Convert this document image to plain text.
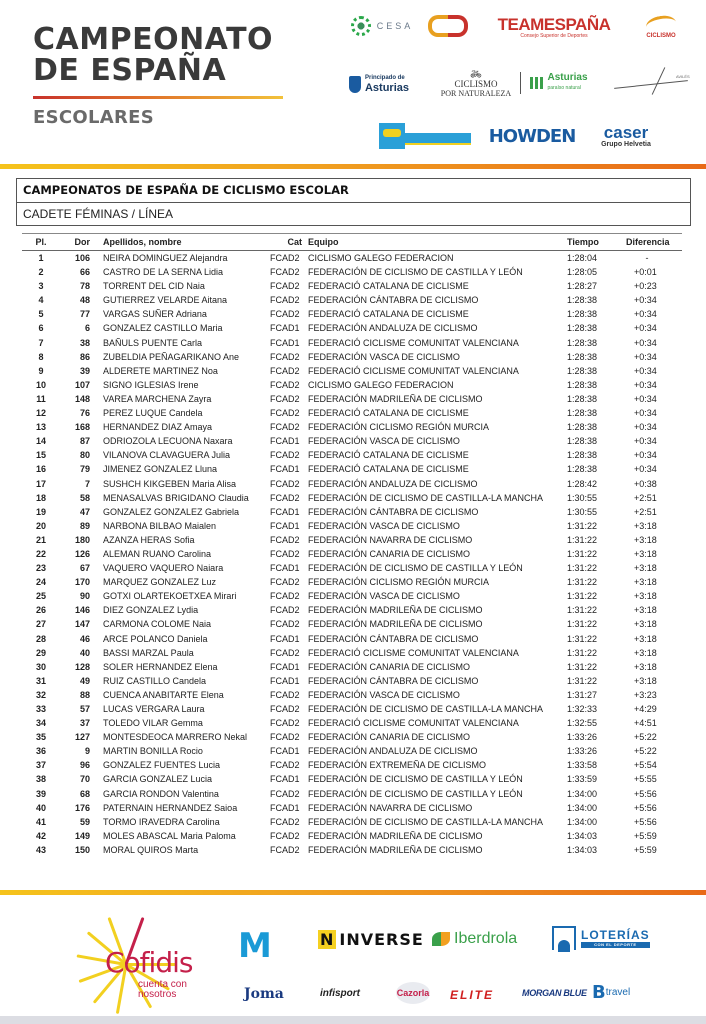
CAMPEONATO
DE ESPAÑA
ESCOLARES
CESA	TEAMESPAÑA
Consejo Superior de Deportes	CICLISMO
Principado de
Asturias
🚲︎
CICLISMO
POR NATURALEZA
Asturias
paraíso natural
AVILÉS
HOWDEN caser
Grupo Helvetia
CAMPEONATOS DE ESPAÑA DE CICLISMO ESCOLAR
CADETE FÉMINAS / LÍNEA
Pl.	Dor Apellidos, nombre	Cat Equipo	Tiempo	Diferencia
1	106 NEIRA DOMINGUEZ Alejandra	FCAD2 CICLISMO GALEGO FEDERACION	1:28:04	-
2	66 CASTRO DE LA SERNA Lidia	FCAD2 FEDERACIÓN DE CICLISMO DE CASTILLA Y LEÓN	1:28:05	+0:01
3	78 TORRENT DEL CID Naia	FCAD2 FEDERACIÓ CATALANA DE CICLISME	1:28:27	+0:23
4	48 GUTIERREZ VELARDE Aitana	FCAD2 FEDERACIÓN CÁNTABRA DE CICLISMO	1:28:38	+0:34
5	77 VARGAS SUÑER Adriana	FCAD2 FEDERACIÓ CATALANA DE CICLISME	1:28:38	+0:34
6	6 GONZALEZ CASTILLO Maria	FCAD1 FEDERACIÓN ANDALUZA DE CICLISMO	1:28:38	+0:34
7	38 BAÑULS PUENTE Carla	FCAD1 FEDERACIÓ CICLISME COMUNITAT VALENCIANA	1:28:38	+0:34
8	86 ZUBELDIA PEÑAGARIKANO Ane	FCAD2 FEDERACIÓN VASCA DE CICLISMO	1:28:38	+0:34
9	39 ALDERETE MARTINEZ Noa	FCAD2 FEDERACIÓ CICLISME COMUNITAT VALENCIANA	1:28:38	+0:34
10	107 SIGNO IGLESIAS Irene	FCAD2 CICLISMO GALEGO FEDERACION	1:28:38	+0:34
11	148 VAREA MARCHENA Zayra	FCAD2 FEDERACIÓN MADRILEÑA DE CICLISMO	1:28:38	+0:34
12	76 PEREZ LUQUE Candela	FCAD2 FEDERACIÓ CATALANA DE CICLISME	1:28:38	+0:34
13	168 HERNANDEZ DIAZ Amaya	FCAD2 FEDERACIÓN CICLISMO REGIÓN MURCIA	1:28:38	+0:34
14	87 ODRIOZOLA LECUONA Naxara	FCAD1 FEDERACIÓN VASCA DE CICLISMO	1:28:38	+0:34
15	80 VILANOVA CLAVAGUERA Julia	FCAD2 FEDERACIÓ CATALANA DE CICLISME	1:28:38	+0:34
16	79 JIMENEZ GONZALEZ Lluna	FCAD1 FEDERACIÓ CATALANA DE CICLISME	1:28:38	+0:34
17	7 SUSHCH KIKGEBEN Maria Alisa	FCAD2 FEDERACIÓN ANDALUZA DE CICLISMO	1:28:42	+0:38
18	58 MENASALVAS BRIGIDANO Claudia FCAD2 FEDERACIÓN DE CICLISMO DE CASTILLA-LA MANCHA	1:30:55	+2:51
19	47 GONZALEZ GONZALEZ Gabriela	FCAD1 FEDERACIÓN CÁNTABRA DE CICLISMO	1:30:55	+2:51
20	89 NARBONA BILBAO Maialen	FCAD1 FEDERACIÓN VASCA DE CICLISMO	1:31:22	+3:18
21	180 AZANZA HERAS Sofia	FCAD2 FEDERACIÓN NAVARRA DE CICLISMO	1:31:22	+3:18
22	126 ALEMAN RUANO Carolina	FCAD2 FEDERACIÓN CANARIA DE CICLISMO	1:31:22	+3:18
23	67 VAQUERO VAQUERO Naiara	FCAD1 FEDERACIÓN DE CICLISMO DE CASTILLA Y LEÓN	1:31:22	+3:18
24	170 MARQUEZ GONZALEZ Luz	FCAD2 FEDERACIÓN CICLISMO REGIÓN MURCIA	1:31:22	+3:18
25	90 GOTXI OLARTEKOETXEA Mirari	FCAD2 FEDERACIÓN VASCA DE CICLISMO	1:31:22	+3:18
26	146 DIEZ GONZALEZ Lydia	FCAD2 FEDERACIÓN MADRILEÑA DE CICLISMO	1:31:22	+3:18
27	147 CARMONA COLOME Naia	FCAD2 FEDERACIÓN MADRILEÑA DE CICLISMO	1:31:22	+3:18
28	46 ARCE POLANCO Daniela	FCAD1 FEDERACIÓN CÁNTABRA DE CICLISMO	1:31:22	+3:18
29	40 BASSI MARZAL Paula	FCAD2 FEDERACIÓ CICLISME COMUNITAT VALENCIANA	1:31:22	+3:18
30	128 SOLER HERNANDEZ Elena	FCAD1 FEDERACIÓN CANARIA DE CICLISMO	1:31:22	+3:18
31	49 RUIZ CASTILLO Candela	FCAD1 FEDERACIÓN CÁNTABRA DE CICLISMO	1:31:22	+3:18
32	88 CUENCA ANABITARTE Elena	FCAD2 FEDERACIÓN VASCA DE CICLISMO	1:31:27	+3:23
33	57 LUCAS VERGARA Laura	FCAD2 FEDERACIÓN DE CICLISMO DE CASTILLA-LA MANCHA	1:32:33	+4:29
34	37 TOLEDO VILAR Gemma	FCAD2 FEDERACIÓ CICLISME COMUNITAT VALENCIANA	1:32:55	+4:51
35	127 MONTESDEOCA MARRERO Nekal	FCAD2 FEDERACIÓN CANARIA DE CICLISMO	1:33:26	+5:22
36	9 MARTIN BONILLA Rocio	FCAD1 FEDERACIÓN ANDALUZA DE CICLISMO	1:33:26	+5:22
37	96 GONZALEZ FUENTES Lucia	FCAD2 FEDERACIÓN EXTREMEÑA DE CICLISMO	1:33:58	+5:54
38	70 GARCIA GONZALEZ Lucia	FCAD1 FEDERACIÓN DE CICLISMO DE CASTILLA Y LEÓN	1:33:59	+5:55
39	68 GARCIA RONDON Valentina	FCAD2 FEDERACIÓN DE CICLISMO DE CASTILLA Y LEÓN	1:34:00	+5:56
40	176 PATERNAIN HERNANDEZ Saioa	FCAD1 FEDERACIÓN NAVARRA DE CICLISMO	1:34:00	+5:56
41	59 TORMO IRAVEDRA Carolina	FCAD2 FEDERACIÓN DE CICLISMO DE CASTILLA-LA MANCHA	1:34:00	+5:56
42	149 MOLES ABASCAL Maria Paloma	FCAD2 FEDERACIÓN MADRILEÑA DE CICLISMO	1:34:03	+5:59
43	150 MORAL QUIROS Marta	FCAD2 FEDERACIÓN MADRILEÑA DE CICLISMO	1:34:03	+5:59
Cofidis
cuenta con
nosotros
M	N INVERSE Iberdrola	LOTERÍAS
CON EL DEPORTE
Joma	infisport	Cazorla ELITE	MORGAN BLUE B travel
